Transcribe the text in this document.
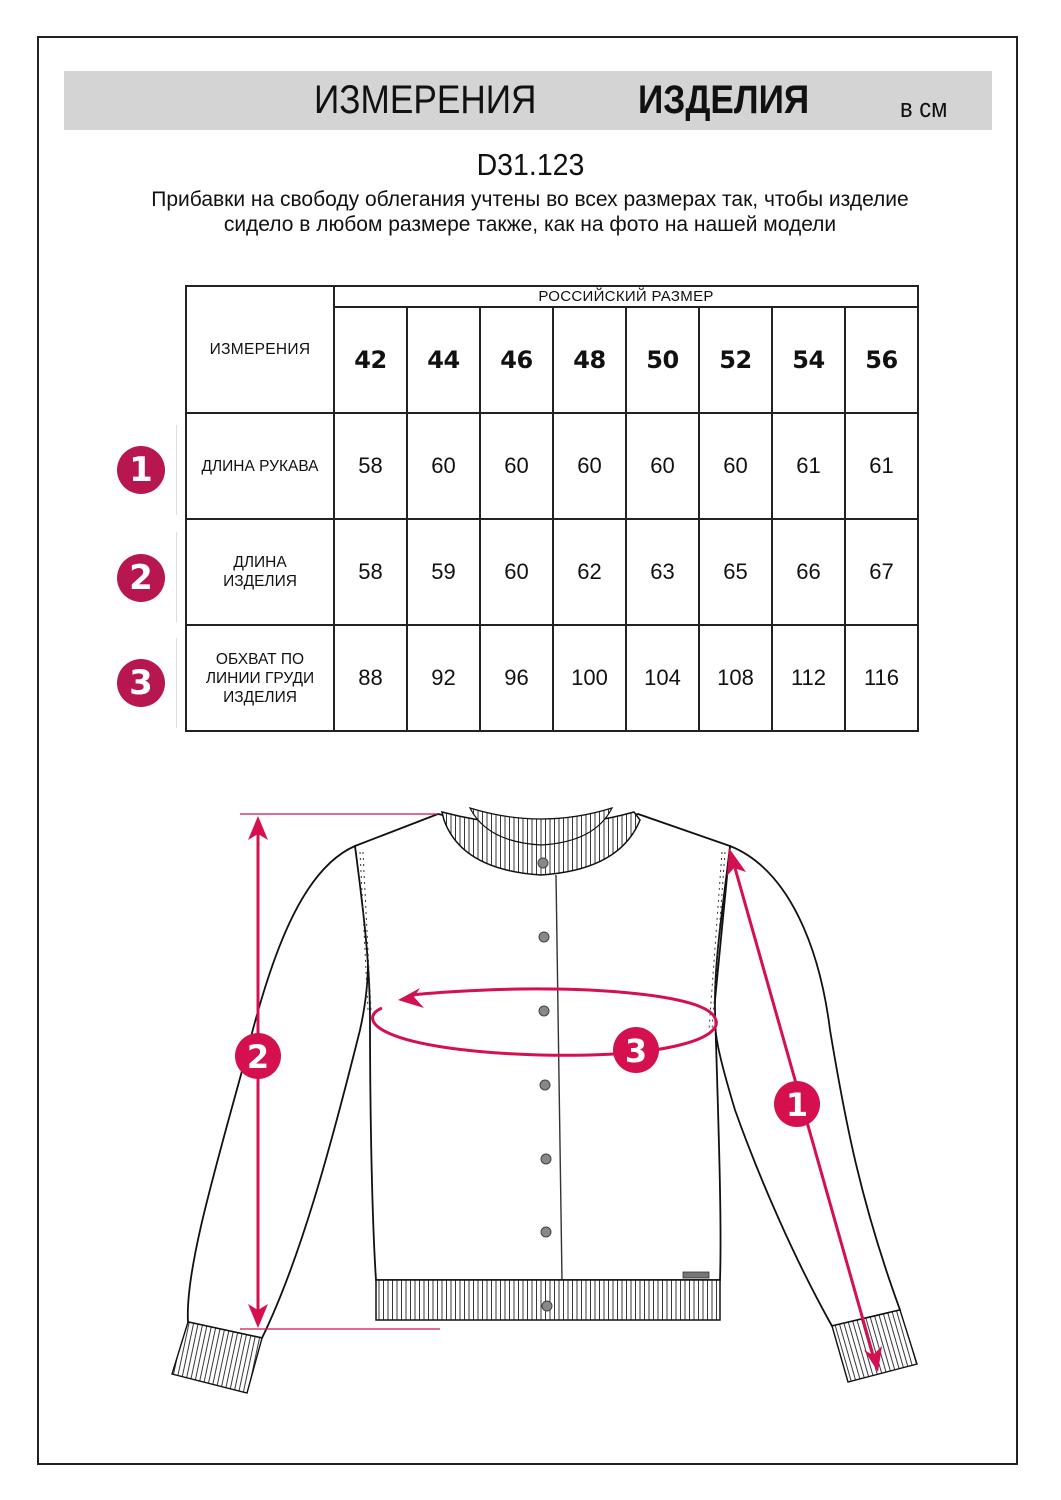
ИЗМЕРЕНИЯ	ИЗДЕЛИЯ	в см
D31.123
Прибавки на свободу облегания учтены во всех размерах так, чтобы изделие сидело в любом размере также, как на фото на нашей модели
ИЗМЕРЕНИЯ	РОССИЙСКИЙ РАЗМЕР							
	42	44	46	48	50	52	54	56
ДЛИНА РУКАВА	58	60	60	60	60	60	61	61
ДЛИНА ИЗДЕЛИЯ	58	59	60	62	63	65	66	67
ОБХВАТ ПО ЛИНИИ ГРУДИ ИЗДЕЛИЯ	88	92	96	100	104	108	112	116
1
2
3
2	3
1
